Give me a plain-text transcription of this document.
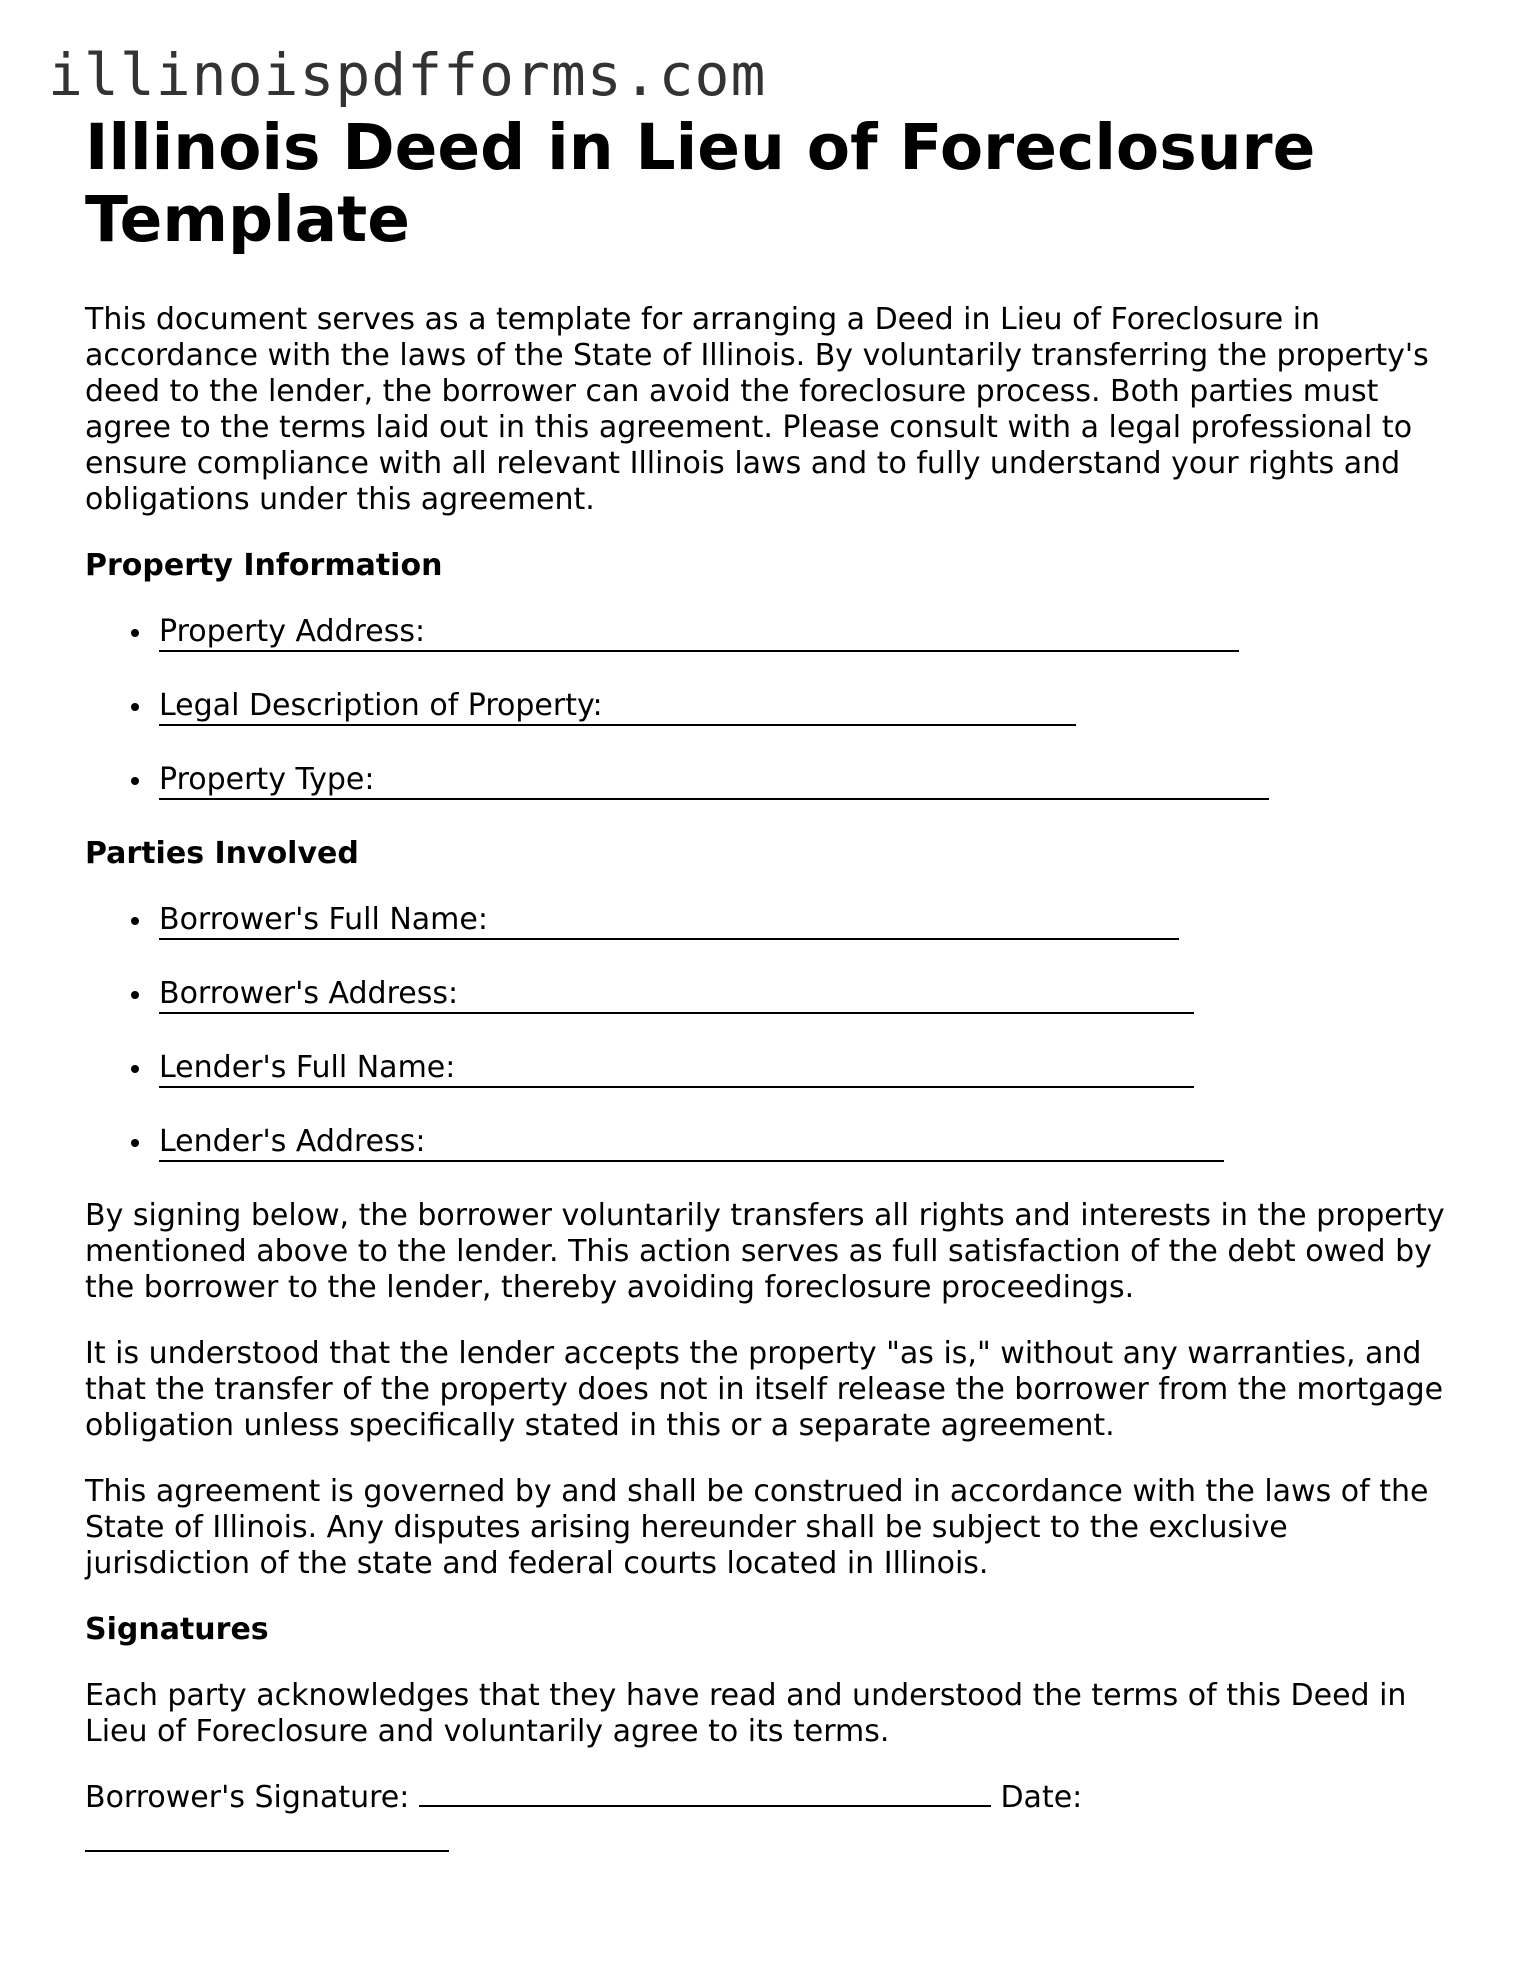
illinoispdfforms.com
Illinois Deed in Lieu of Foreclosure Template

This document serves as a template for arranging a Deed in Lieu of Foreclosure in accordance with the laws of the State of Illinois. By voluntarily transferring the property's deed to the lender, the borrower can avoid the foreclosure process. Both parties must agree to the terms laid out in this agreement. Please consult with a legal professional to ensure compliance with all relevant Illinois laws and to fully understand your rights and obligations under this agreement.

Property Information
Property Address:
Legal Description of Property:
Property Type:
Parties Involved
Borrower's Full Name:
Borrower's Address:
Lender's Full Name:
Lender's Address:

By signing below, the borrower voluntarily transfers all rights and interests in the property mentioned above to the lender. This action serves as full satisfaction of the debt owed by the borrower to the lender, thereby avoiding foreclosure proceedings.

It is understood that the lender accepts the property "as is," without any warranties, and that the transfer of the property does not in itself release the borrower from the mortgage obligation unless specifically stated in this or a separate agreement.

This agreement is governed by and shall be construed in accordance with the laws of the State of Illinois. Any disputes arising hereunder shall be subject to the exclusive jurisdiction of the state and federal courts located in Illinois.

Signatures

Each party acknowledges that they have read and understood the terms of this Deed in Lieu of Foreclosure and voluntarily agree to its terms.

Borrower's Signature:	Date:
